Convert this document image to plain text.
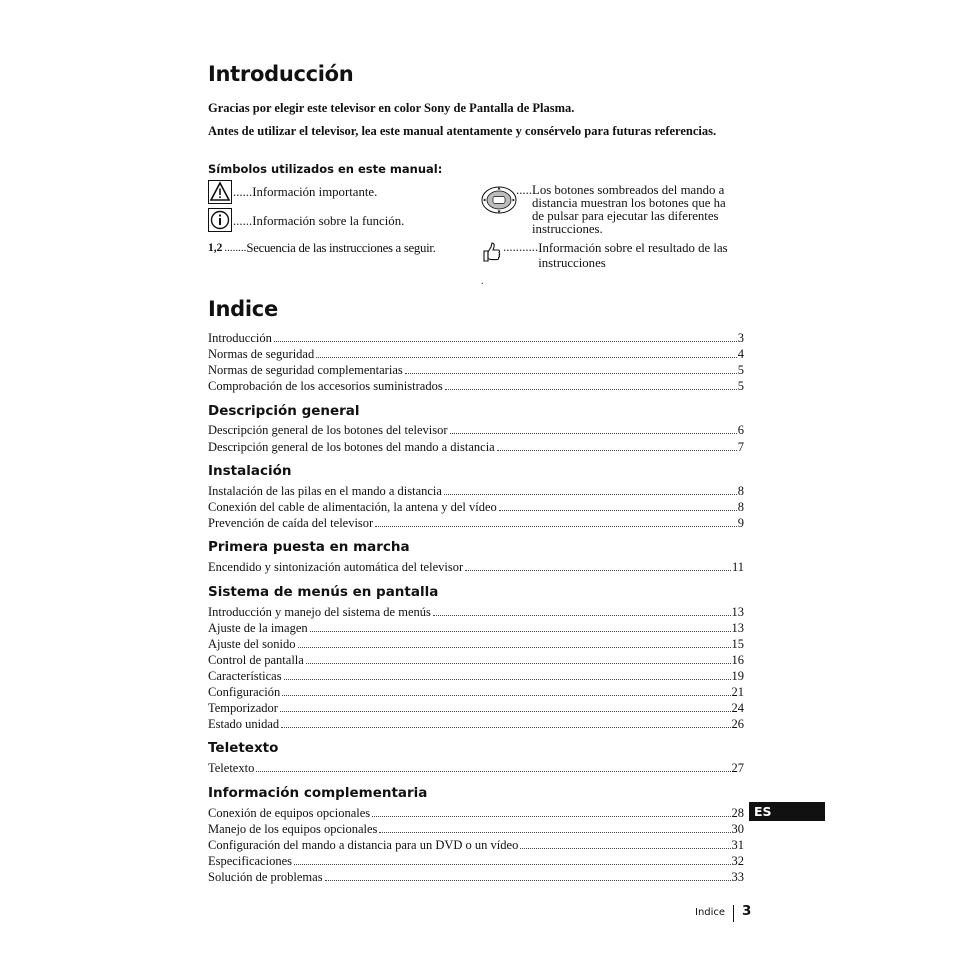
Introducción

Gracias por elegir este televisor en color Sony de Pantalla de Plasma.

Antes de utilizar el televisor, lea este manual atentamente y consérvelo para futuras referencias.

Símbolos utilizados en este manual:

...... Información importante.
...... Información sobre la función.
1,2 ........ Secuencia de las instrucciones a seguir.
..... Los botones sombreados del mando a distancia muestran los botones que ha de pulsar para ejecutar las diferentes instrucciones.
........... Información sobre el resultado de las instrucciones
.
Indice
Introducción	3
Normas de seguridad	4
Normas de seguridad complementarias	5
Comprobación de los accesorios suministrados	5
Descripción general
Descripción general de los botones del televisor	6
Descripción general de los botones del mando a distancia	7
Instalación
Instalación de las pilas en el mando a distancia	8
Conexión del cable de alimentación, la antena y del vídeo	8
Prevención de caída del televisor	9
Primera puesta en marcha
Encendido y sintonización automática del televisor	11
Sistema de menús en pantalla
Introducción y manejo del sistema de menús	13
Ajuste de la imagen	13
Ajuste del sonido	15
Control de pantalla	16
Características	19
Configuración	21
Temporizador	24
Estado unidad	26
Teletexto
Teletexto	27
Información complementaria
Conexión de equipos opcionales	28
Manejo de los equipos opcionales	30
Configuración del mando a distancia para un DVD o un vídeo	31
Especificaciones	32
Solución de problemas	33
ES
Indice 3
